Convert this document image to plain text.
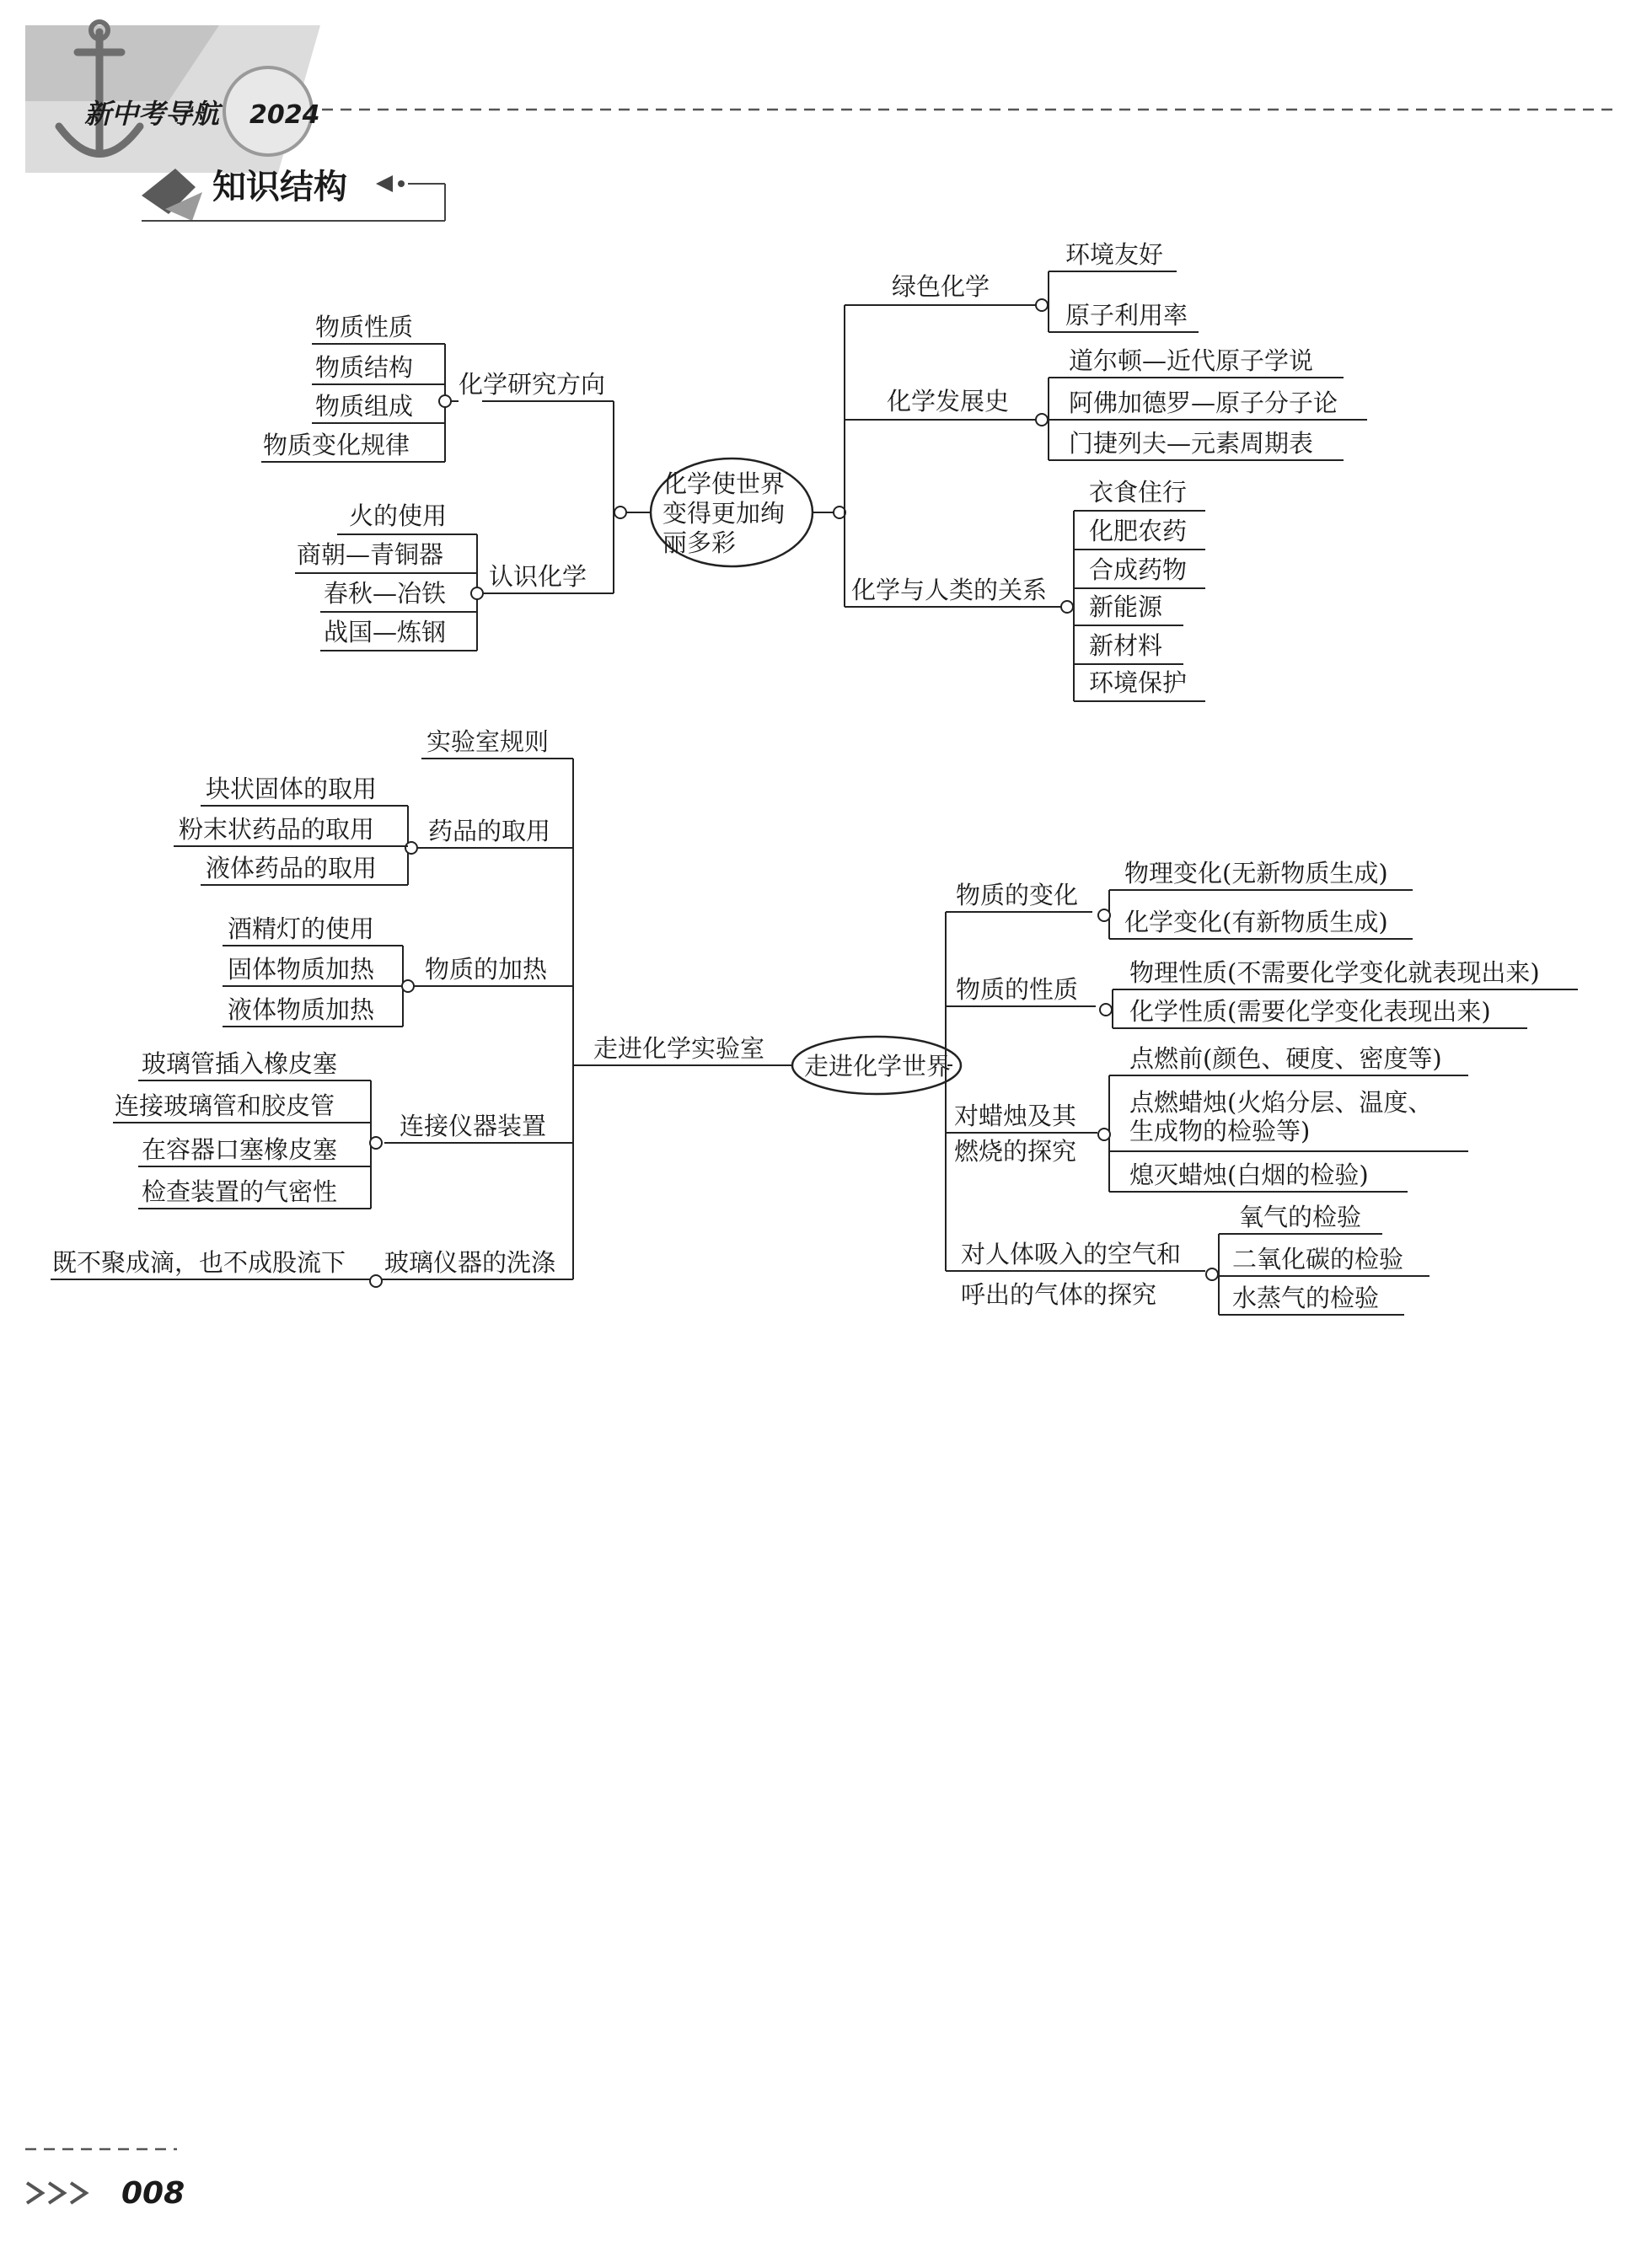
新中考导航 2024
知识结构
化学使世界
变得更加绚
丽多彩
化学研究方向
物质性质
物质结构
物质组成
物质变化规律
认识化学
火的使用
商朝—青铜器
春秋—冶铁
战国—炼钢
绿色化学
环境友好
原子利用率
化学发展史
道尔顿—近代原子学说
阿佛加德罗—原子分子论
门捷列夫—元素周期表
化学与人类的关系
衣食住行
化肥农药
合成药物
新能源
新材料
环境保护
走进化学世界
走进化学实验室
实验室规则
药品的取用
块状固体的取用
粉末状药品的取用
液体药品的取用
物质的加热
酒精灯的使用
固体物质加热
液体物质加热
连接仪器装置
玻璃管插入橡皮塞
连接玻璃管和胶皮管
在容器口塞橡皮塞
检查装置的气密性
玻璃仪器的洗涤
既不聚成滴，也不成股流下
物质的变化
物理变化(无新物质生成)
化学变化(有新物质生成)
物质的性质
物理性质(不需要化学变化就表现出来)
化学性质(需要化学变化表现出来)
对蜡烛及其
燃烧的探究
点燃前(颜色、硬度、密度等)
点燃蜡烛(火焰分层、温度、
生成物的检验等)
熄灭蜡烛(白烟的检验)
对人体吸入的空气和
呼出的气体的探究
氧气的检验
二氧化碳的检验
水蒸气的检验
008
